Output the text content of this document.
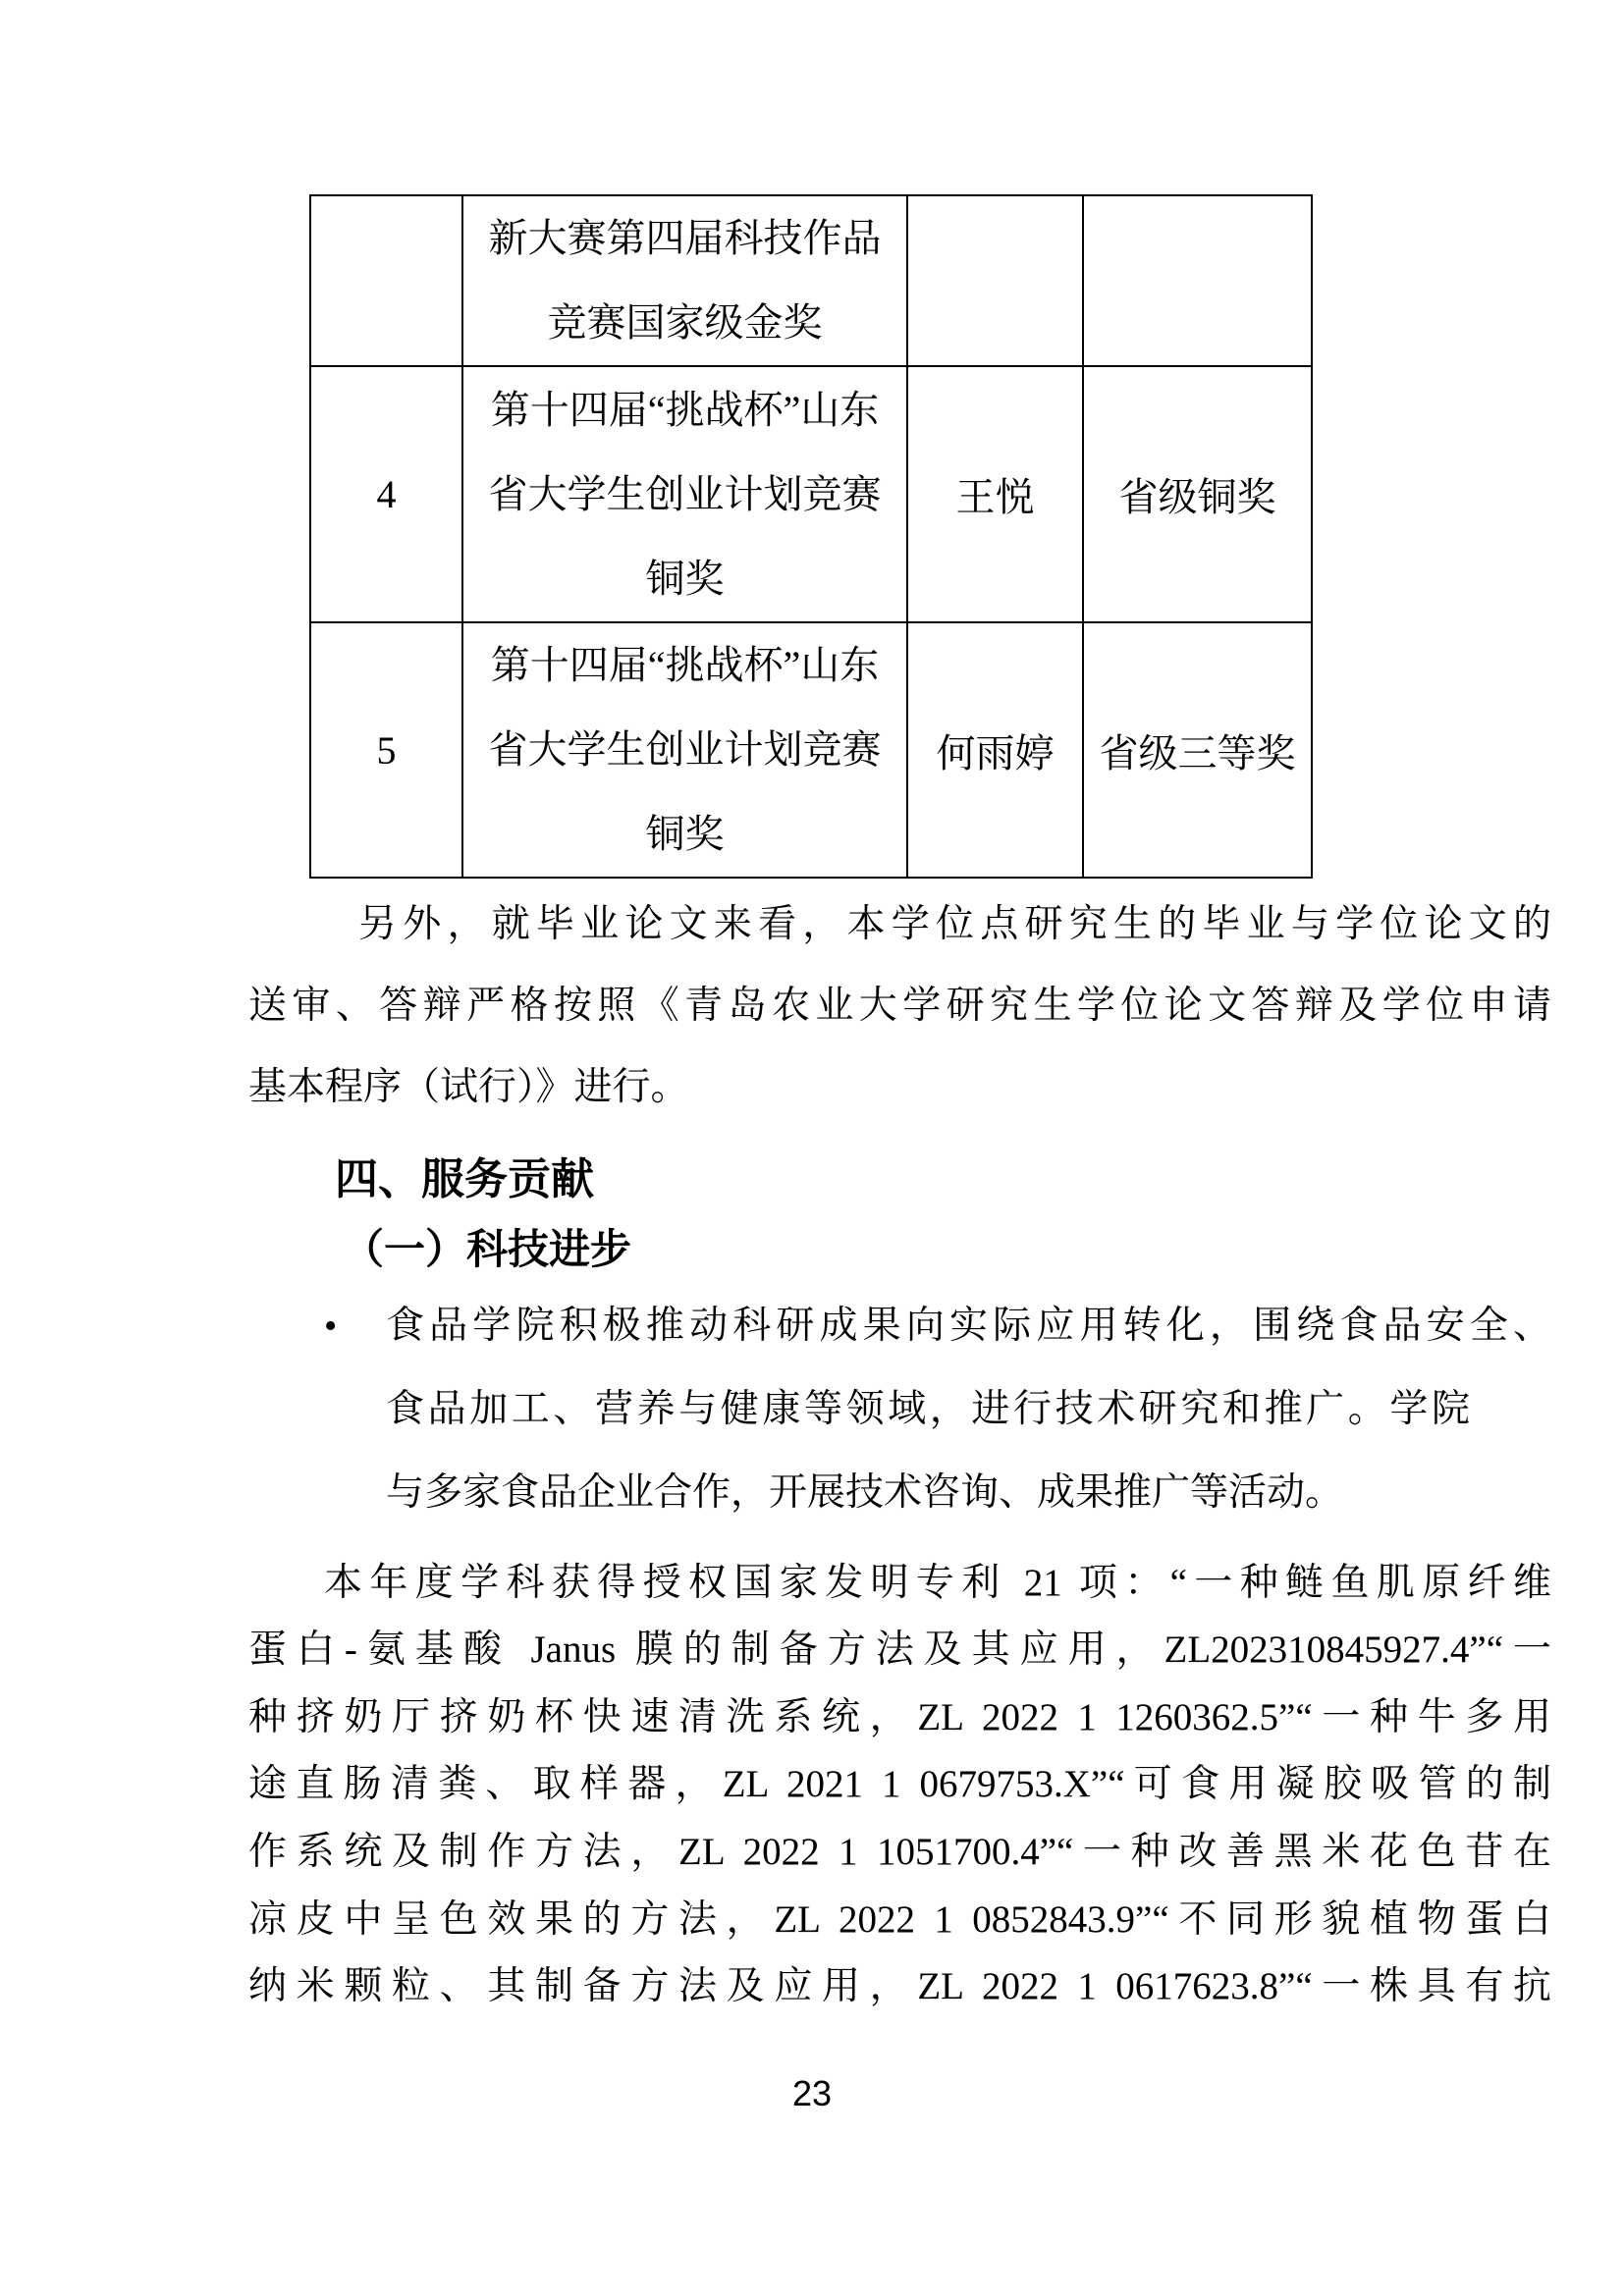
	新大赛第四届科技作品
竞赛国家级金奖		

4	第十四届“挑战杯”山东
省大学生创业计划竞赛
铜奖	王悦	省级铜奖

5	第十四届“挑战杯”山东
省大学生创业计划竞赛
铜奖	何雨婷	省级三等奖
另外，就毕业论文来看，本学位点研究生的毕业与学位论文的
送审、答辩严格按照《青岛农业大学研究生学位论文答辩及学位申请
基本程序（试行）》进行。
四、服务贡献
（一）科技进步
• 食品学院积极推动科研成果向实际应用转化，围绕食品安全、
食品加工、营养与健康等领域，进行技术研究和推广。学院
与多家食品企业合作，开展技术咨询、成果推广等活动。
本年度学科获得授权国家发明专利 21 项：“一种鲢鱼肌原纤维
蛋白-氨基酸 Janus 膜的制备方法及其应用，ZL202310845927.4”“一
种挤奶厅挤奶杯快速清洗系统，ZL 2022 1 1260362.5”“一种牛多用
途直肠清粪、取样器，ZL 2021 1 0679753.X”“可食用凝胶吸管的制
作系统及制作方法，ZL 2022 1 1051700.4”“一种改善黑米花色苷在
凉皮中呈色效果的方法，ZL 2022 1 0852843.9”“不同形貌植物蛋白
纳米颗粒、其制备方法及应用，ZL 2022 1 0617623.8”“一株具有抗
23
